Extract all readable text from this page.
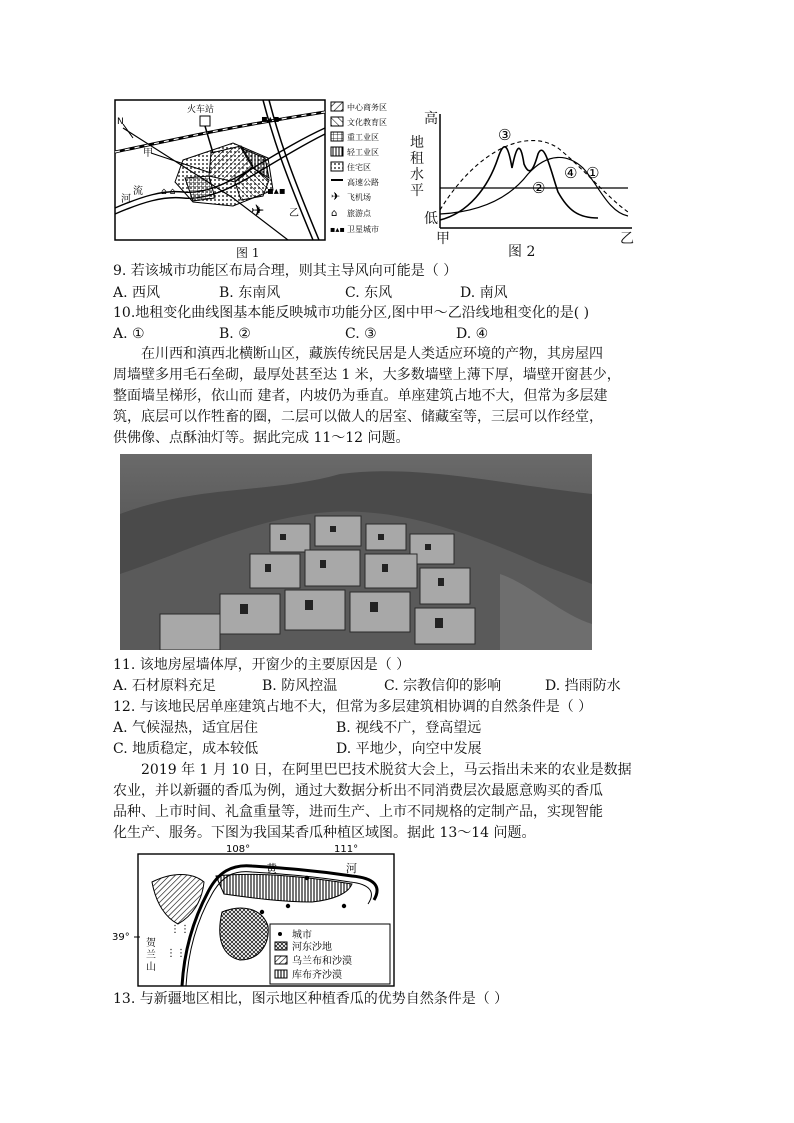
▪▴▪
▪▴▪
✈
⌂ ⌂
火车站
N
甲
乙
河
流	✈
⌂
▪▴▪
中心商务区
文化教育区
重工业区
轻工业区
住宅区
高速公路
飞机场
旅游点
卫星城市
图 1
③
②
④ ①
高
地
租
水
平
低
甲	乙
图 2
9. 若该城市功能区布局合理，则其主导风向可能是（ ）
A. 西风	B. 东南风	C. 东风	D. 南风
10.地租变化曲线图基本能反映城市功能分区,图中甲～乙沿线地租变化的是( )
A. ①	B. ②	C. ③	D. ④
在川西和滇西北横断山区，藏族传统民居是人类适应环境的产物，其房屋四
周墙壁多用毛石垒砌，最厚处甚至达 1 米，大多数墙壁上薄下厚，墙壁开窗甚少，
整面墙呈梯形，依山而 建者，内坡仍为垂直。单座建筑占地不大，但常为多层建
筑，底层可以作牲畜的圈，二层可以做人的居室、储藏室等，三层可以作经堂，
供佛像、点酥油灯等。据此完成 11～12 问题。
11. 该地房屋墙体厚，开窗少的主要原因是（ ）
A. 石材原料充足	B. 防风控温	C. 宗教信仰的影响	D. 挡雨防水
12. 与该地民居单座建筑占地不大，但常为多层建筑相协调的自然条件是（ ）
A. 气候湿热，适宜居住	B. 视线不广，登高望远
C. 地质稳定，成本较低	D. 平地少，向空中发展
2019 年 1 月 10 日，在阿里巴巴技术脱贫大会上，马云指出未来的农业是数据
农业，并以新疆的香瓜为例，通过大数据分析出不同消费层次最愿意购买的香瓜
品种、上市时间、礼盒重量等，进而生产、上市不同规格的定制产品，实现智能
化生产、服务。下图为我国某香瓜种植区域图。据此 13～14 问题。
⋮⋮
⋮⋮
城市
河东沙地
乌兰布和沙漠
库布齐沙漠
108°	111°
39°
黄	河
贺
兰
山
13. 与新疆地区相比，图示地区种植香瓜的优势自然条件是（ ）
